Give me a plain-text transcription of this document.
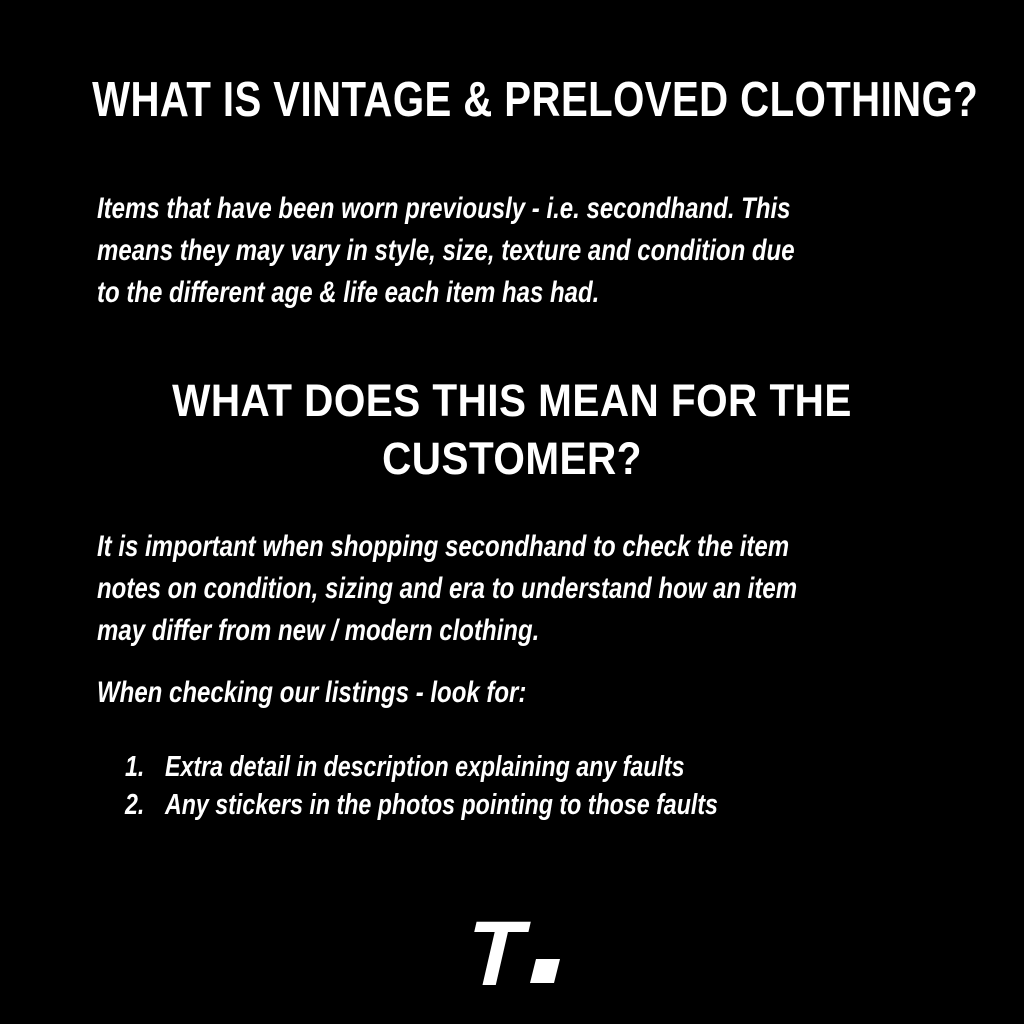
WHAT IS VINTAGE & PRELOVED CLOTHING?
Items that have been worn previously - i.e. secondhand. This
means they may vary in style, size, texture and condition due
to the different age & life each item has had.
WHAT DOES THIS MEAN FOR THE
CUSTOMER?
It is important when shopping secondhand to check the item
notes on condition, sizing and era to understand how an item
may differ from new / modern clothing.
When checking our listings - look for:
1. Extra detail in description explaining any faults
2. Any stickers in the photos pointing to those faults
T
